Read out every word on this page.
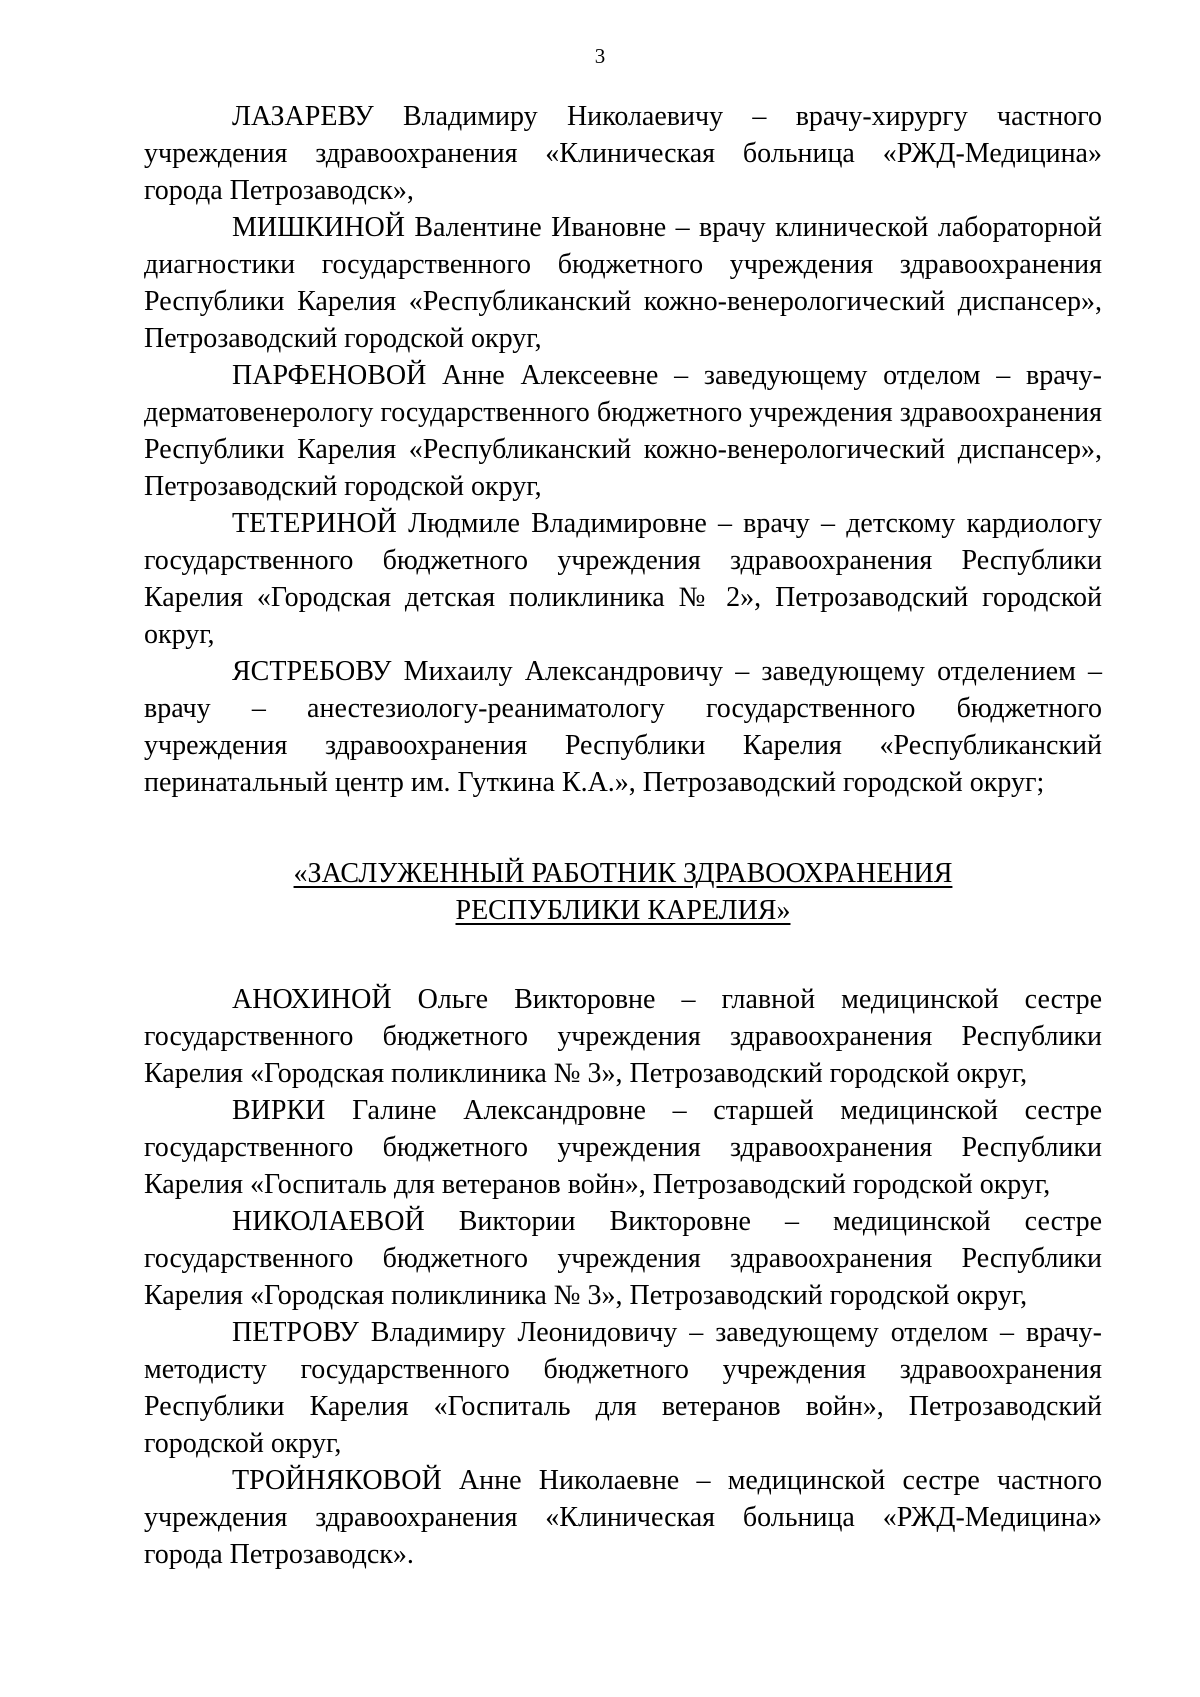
3

ЛАЗАРЕВУ Владимиру Николаевичу – врачу-хирургу частного учреждения здравоохранения «Клиническая больница «РЖД-Медицина» города Петрозаводск»,

МИШКИНОЙ Валентине Ивановне – врачу клинической лабораторной диагностики государственного бюджетного учреждения здравоохранения Республики Карелия «Республиканский кожно-венерологический диспансер», Петрозаводский городской округ,

ПАРФЕНОВОЙ Анне Алексеевне – заведующему отделом – врачу-дерматовенерологу государственного бюджетного учреждения здравоохранения Республики Карелия «Республиканский кожно-венерологический диспансер», Петрозаводский городской округ,

ТЕТЕРИНОЙ Людмиле Владимировне – врачу – детскому кардиологу государственного бюджетного учреждения здравоохранения Республики Карелия «Городская детская поликлиника № 2», Петрозаводский городской округ,

ЯСТРЕБОВУ Михаилу Александровичу – заведующему отделением – врачу – анестезиологу-реаниматологу государственного бюджетного учреждения здравоохранения Республики Карелия «Республиканский перинатальный центр им. Гуткина К.А.», Петрозаводский городской округ;

«ЗАСЛУЖЕННЫЙ РАБОТНИК ЗДРАВООХРАНЕНИЯ
РЕСПУБЛИКИ КАРЕЛИЯ»

АНОХИНОЙ Ольге Викторовне – главной медицинской сестре государственного бюджетного учреждения здравоохранения Республики Карелия «Городская поликлиника № 3», Петрозаводский городской округ,

ВИРКИ Галине Александровне – старшей медицинской сестре государственного бюджетного учреждения здравоохранения Республики Карелия «Госпиталь для ветеранов войн», Петрозаводский городской округ,

НИКОЛАЕВОЙ Виктории Викторовне – медицинской сестре государственного бюджетного учреждения здравоохранения Республики Карелия «Городская поликлиника № 3», Петрозаводский городской округ,

ПЕТРОВУ Владимиру Леонидовичу – заведующему отделом – врачу-методисту государственного бюджетного учреждения здравоохранения Республики Карелия «Госпиталь для ветеранов войн», Петрозаводский городской округ,

ТРОЙНЯКОВОЙ Анне Николаевне – медицинской сестре частного учреждения здравоохранения «Клиническая больница «РЖД-Медицина» города Петрозаводск».
